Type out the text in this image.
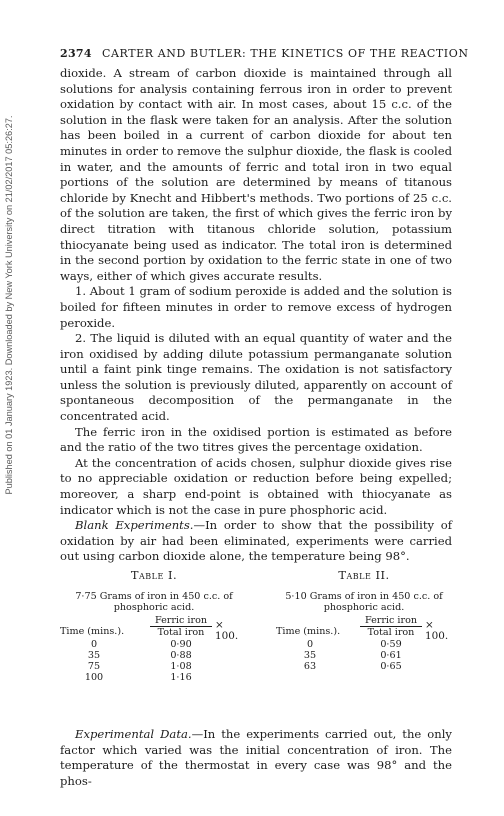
Published on 01 January 1923. Downloaded by New York University on 21/02/2017 05:26:27.
2374 CARTER AND BUTLER: THE KINETICS OF THE REACTION

dioxide. A stream of carbon dioxide is maintained through all solutions for analysis containing ferrous iron in order to prevent oxidation by contact with air. In most cases, about 15 c.c. of the solution in the flask were taken for an analysis. After the solution has been boiled in a current of carbon dioxide for about ten minutes in order to remove the sulphur dioxide, the flask is cooled in water, and the amounts of ferric and total iron in two equal portions of the solution are determined by means of titanous chloride by Knecht and Hibbert's methods. Two portions of 25 c.c. of the solution are taken, the first of which gives the ferric iron by direct titration with titanous chloride solution, potassium thiocyanate being used as indicator. The total iron is determined in the second portion by oxidation to the ferric state in one of two ways, either of which gives accurate results.

1. About 1 gram of sodium peroxide is added and the solution is boiled for fifteen minutes in order to remove excess of hydrogen peroxide.

2. The liquid is diluted with an equal quantity of water and the iron oxidised by adding dilute potassium permanganate solution until a faint pink tinge remains. The oxidation is not satisfactory unless the solution is previously diluted, apparently on account of spontaneous decomposition of the permanganate in the concentrated acid.

The ferric iron in the oxidised portion is estimated as before and the ratio of the two titres gives the percentage oxidation.

At the concentration of acids chosen, sulphur dioxide gives rise to no appreciable oxidation or reduction before being expelled; moreover, a sharp end-point is obtained with thiocyanate as indicator which is not the case in pure phosphoric acid.

Blank Experiments.—In order to show that the possibility of oxidation by air had been eliminated, experiments were carried out using carbon dioxide alone, the temperature being 98°.

Table I.
7·75 Grams of iron in 450 c.c. of
phosphoric acid.
Time (mins.).
Ferric iron
Total iron
× 100.
0	0·90
35	0·88
75	1·08
100	1·16
Table II.
5·10 Grams of iron in 450 c.c. of
phosphoric acid.
Time (mins.).
Ferric iron
Total iron
× 100.
0	0·59
35	0·61
63	0·65

Experimental Data.—In the experiments carried out, the only factor which varied was the initial concentration of iron. The temperature of the thermostat in every case was 98° and the phos-
